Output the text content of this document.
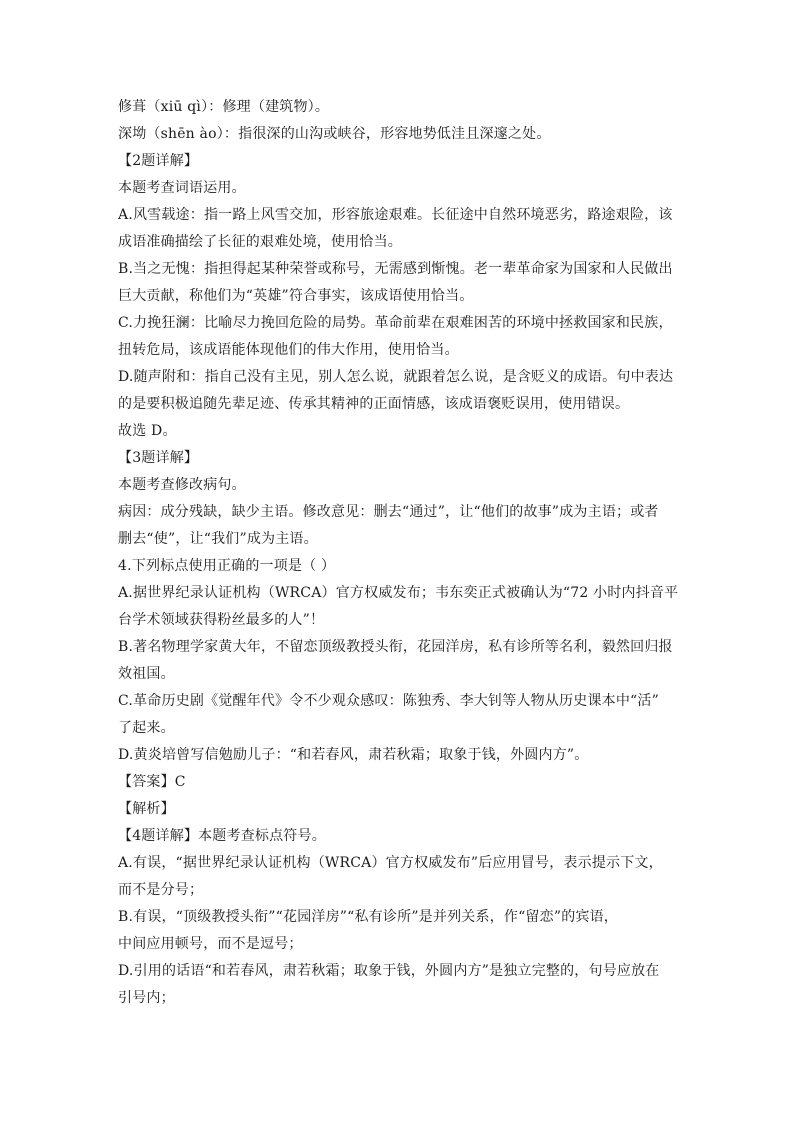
修葺（xiū qì）：修理（建筑物）。
深坳（shēn ào）：指很深的山沟或峡谷，形容地势低洼且深邃之处。
【2题详解】
本题考查词语运用。
A.风雪载途：指一路上风雪交加，形容旅途艰难。长征途中自然环境恶劣，路途艰险，该
成语准确描绘了长征的艰难处境，使用恰当。
B.当之无愧：指担得起某种荣誉或称号，无需感到惭愧。老一辈革命家为国家和人民做出
巨大贡献，称他们为“英雄”符合事实，该成语使用恰当。
C.力挽狂澜：比喻尽力挽回危险的局势。革命前辈在艰难困苦的环境中拯救国家和民族，
扭转危局，该成语能体现他们的伟大作用，使用恰当。
D.随声附和：指自己没有主见，别人怎么说，就跟着怎么说，是含贬义的成语。句中表达
的是要积极追随先辈足迹、传承其精神的正面情感，该成语褒贬误用，使用错误。
故选 D。
【3题详解】
本题考查修改病句。
病因：成分残缺，缺少主语。修改意见：删去“通过”，让“他们的故事”成为主语；或者
删去“使”，让“我们”成为主语。
4.下列标点使用正确的一项是（ ）
A.据世界纪录认证机构（WRCA）官方权威发布；韦东奕正式被确认为“72 小时内抖音平
台学术领域获得粉丝最多的人”！
B.著名物理学家黄大年，不留恋顶级教授头衔，花园洋房，私有诊所等名利，毅然回归报
效祖国。
C.革命历史剧《觉醒年代》令不少观众感叹：陈独秀、李大钊等人物从历史课本中“活”
了起来。
D.黄炎培曾写信勉励儿子：“和若春风，肃若秋霜；取象于钱，外圆内方”。
【答案】C
【解析】
【4题详解】本题考查标点符号。
A.有误，“据世界纪录认证机构（WRCA）官方权威发布”后应用冒号，表示提示下文，
而不是分号；
B.有误，“顶级教授头衔”“花园洋房”“私有诊所”是并列关系，作“留恋”的宾语，
中间应用顿号，而不是逗号；
D.引用的话语“和若春风，肃若秋霜；取象于钱，外圆内方”是独立完整的，句号应放在
引号内；
